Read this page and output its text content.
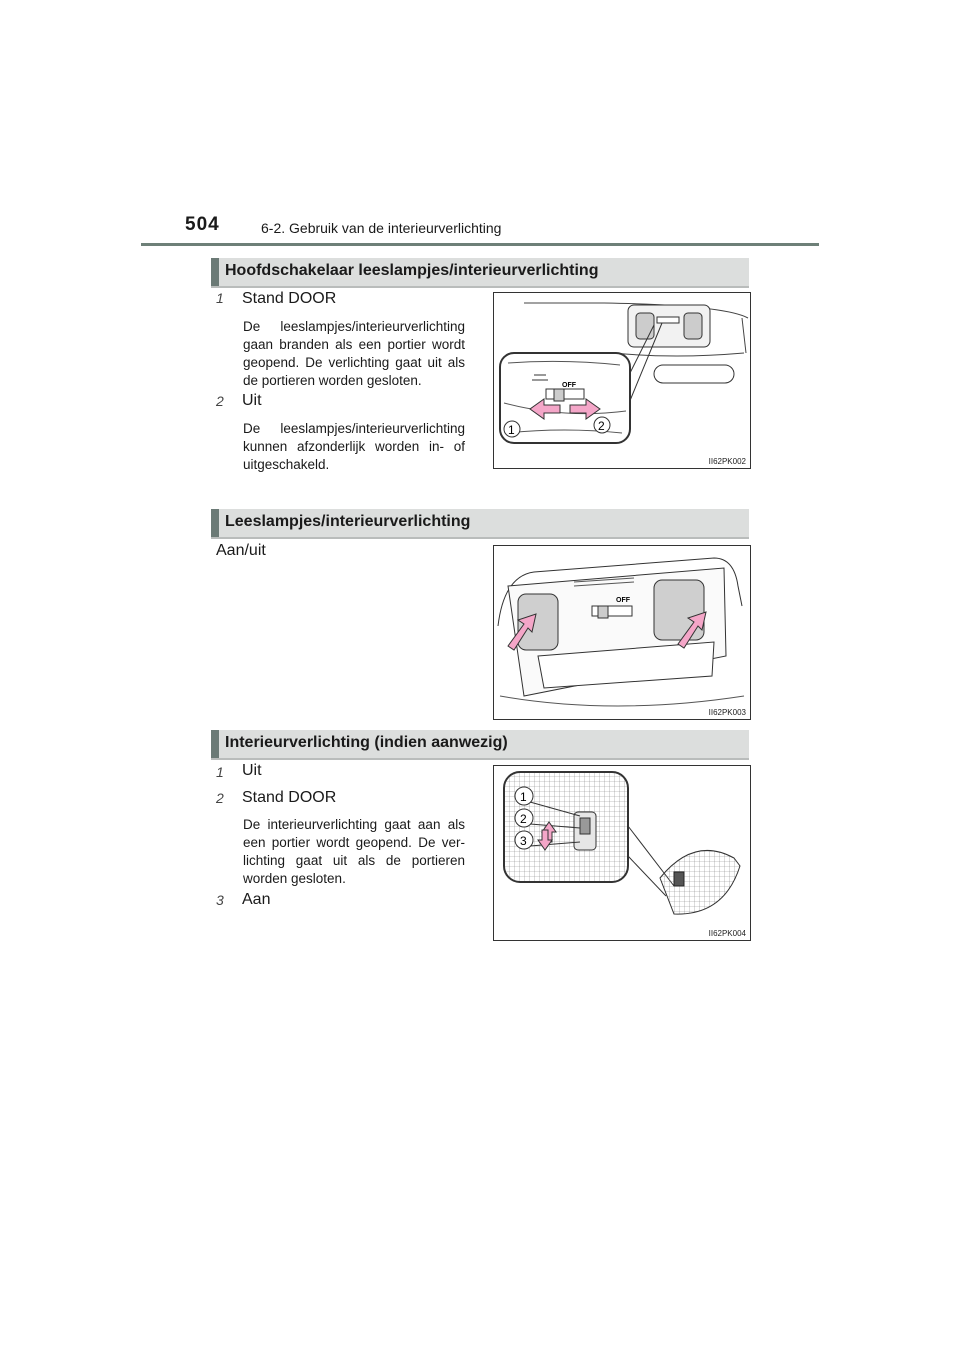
504	6-2. Gebruik van de interieurverlichting
Hoofdschakelaar leeslampjes/interieurverlichting
1 Stand DOOR
De leeslampjes/interieurverlichting gaan branden als een portier wordt geopend. De verlichting gaat uit als de portieren worden gesloten.
2 Uit
De leeslampjes/interieurverlichting kunnen afzonderlijk worden in- of uitgeschakeld.
OFF
1	2
II62PK002
Leeslampjes/interieurverlichting
Aan/uit
OFF
II62PK003
Interieurverlichting (indien aanwezig)
1 Uit
2 Stand DOOR
De interieurverlichting gaat aan als een portier wordt geopend. De ver-lichting gaat uit als de portieren worden gesloten.
3 Aan
1
2
3
II62PK004
